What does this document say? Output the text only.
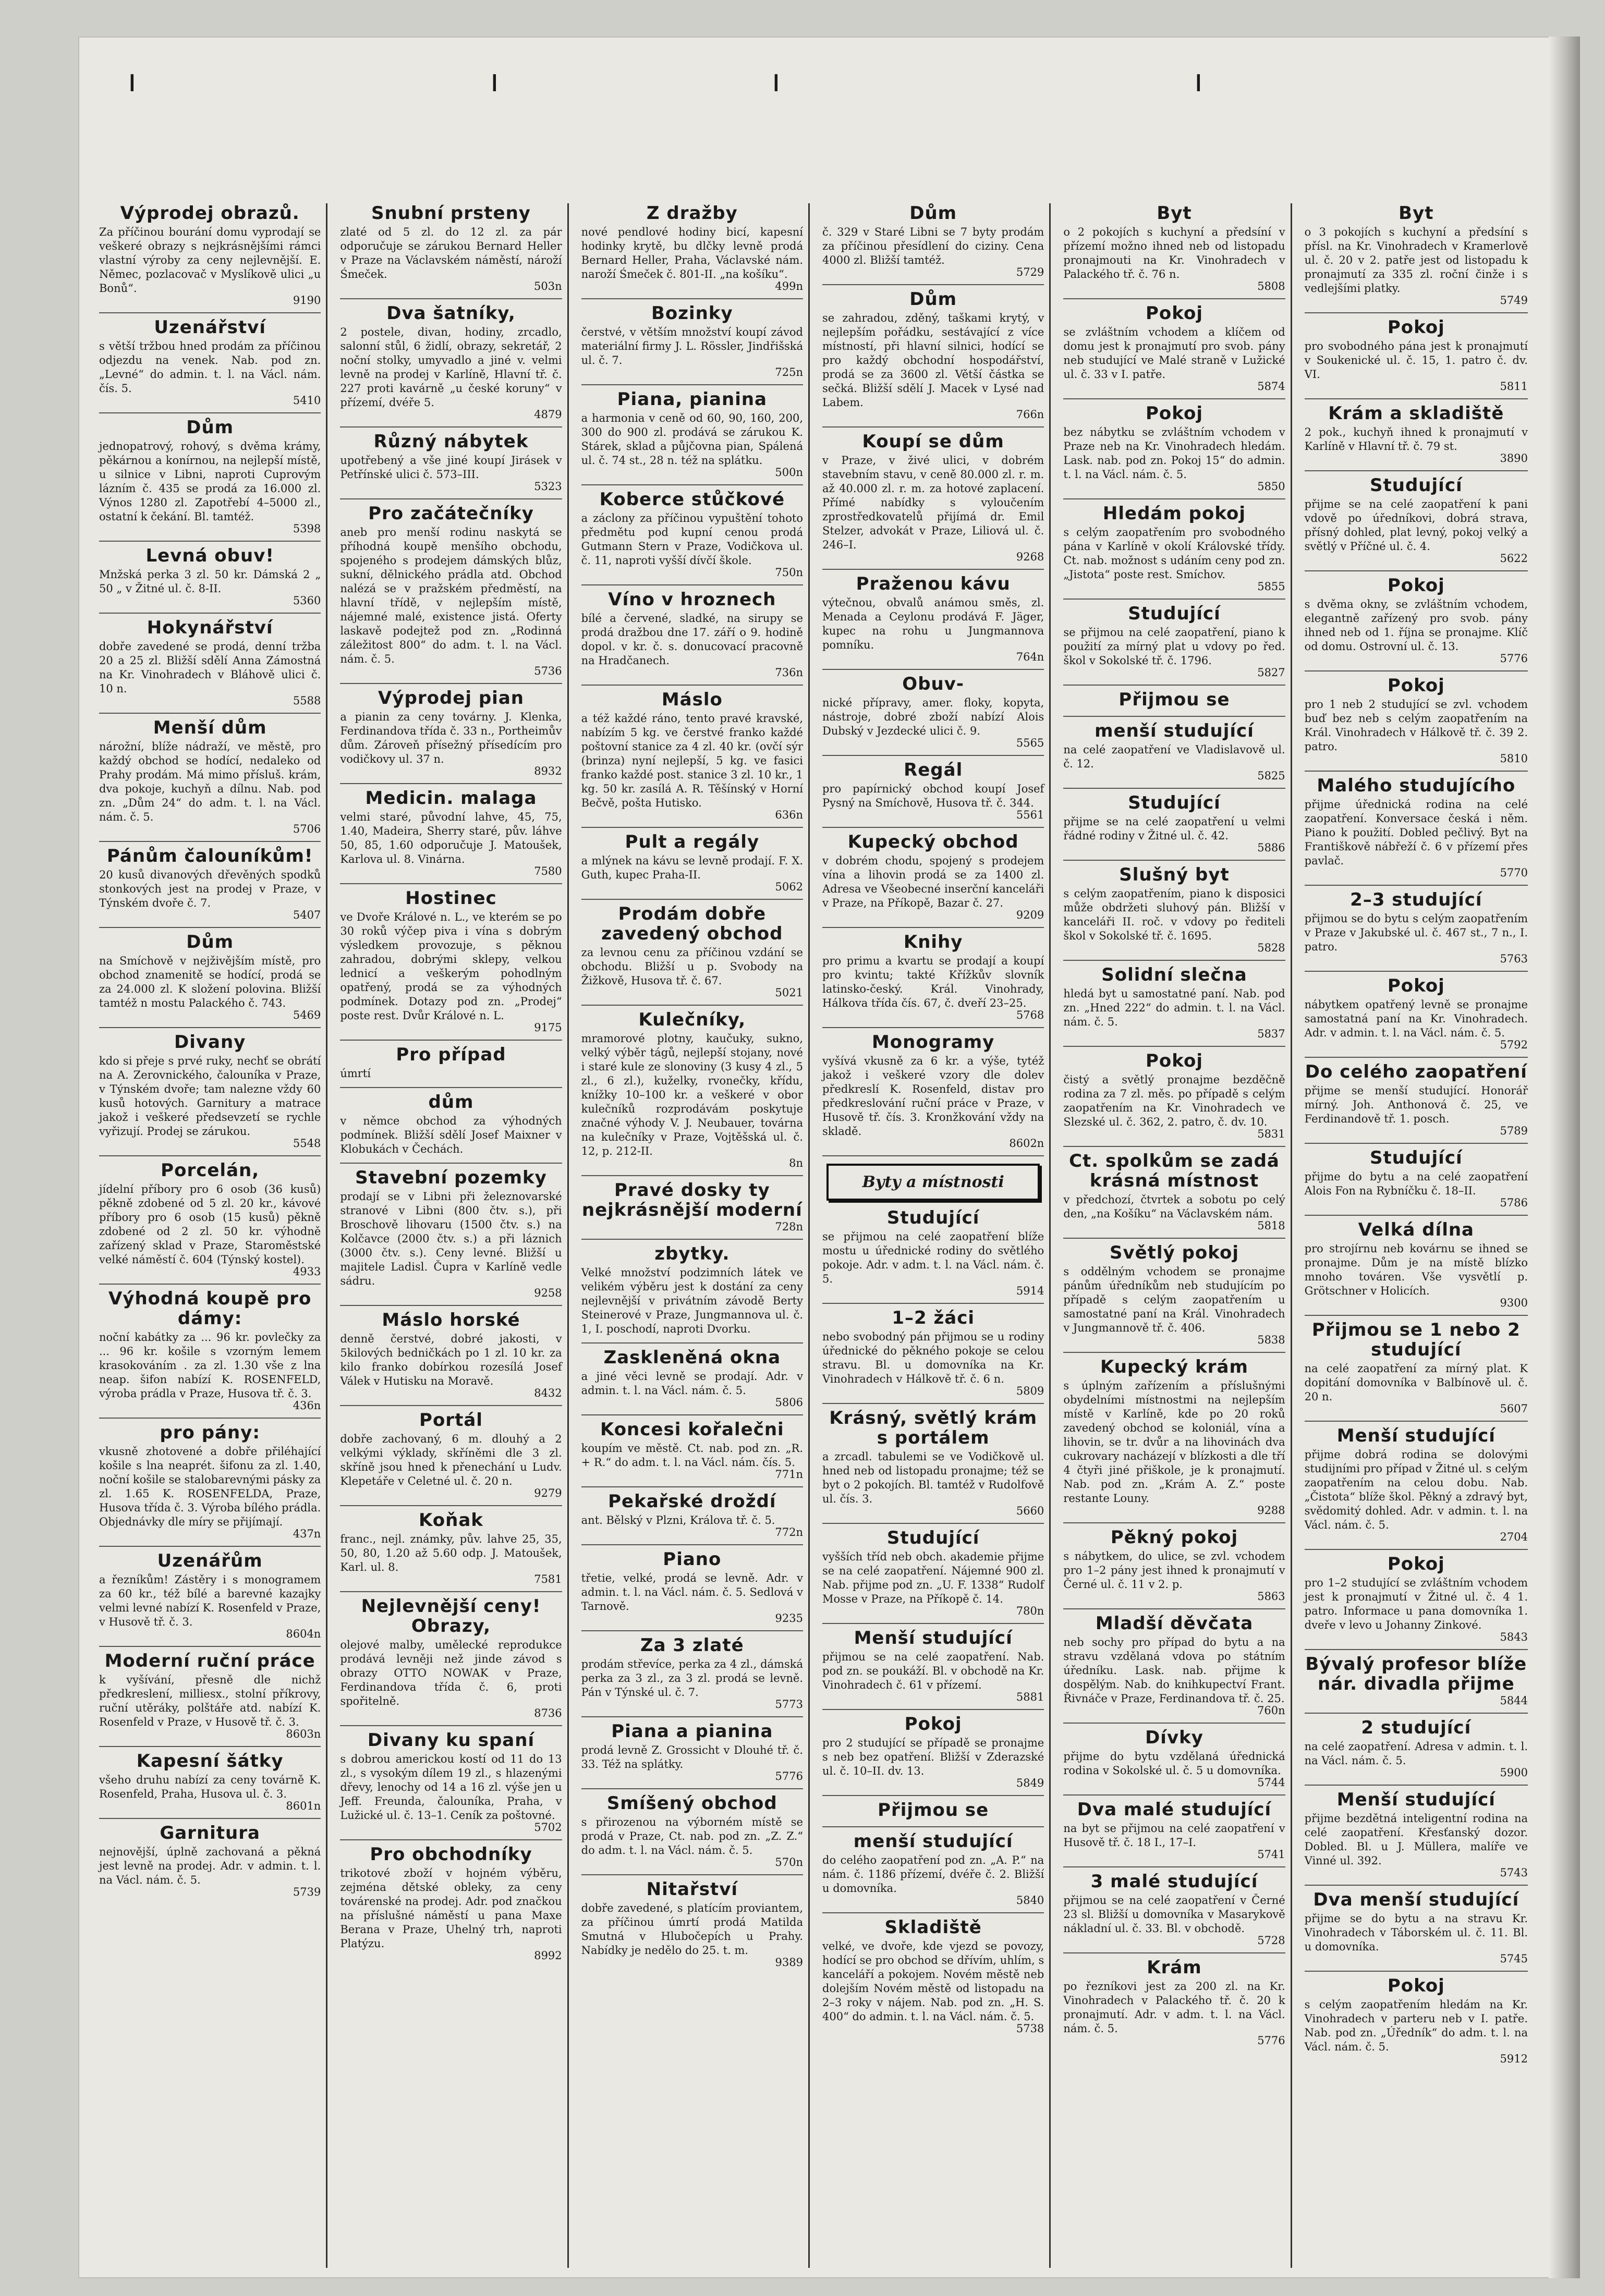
ı	ı	ı	ı
Výprodej obrazů.

Za příčinou bourání domu vyprodají se veškeré obrazy s nejkrásnějšími rámci vlastní výroby za ceny nejlevnější. E. Němec, pozlacovač v Myslíkově ulici „u Bonů“.

9190
Uzenářství

s větší tržbou hned prodám za příčinou odjezdu na venek. Nab. pod zn. „Levné“ do admin. t. l. na Václ. nám. čís. 5.

5410
Dům

jednopatrový, rohový, s dvěma krámy, pěkárnou a konírnou, na nejlepší místě, u silnice v Libni, naproti Cuprovým lázním č. 435 se prodá za 16.000 zl. Výnos 1280 zl. Zapotřebí 4–5000 zl., ostatní k čekání. Bl. tamtéž.

5398
Levná obuv!

Mnžská perka 3 zl. 50 kr. Dámská 2 „ 50 „ v Žitné ul. č. 8-II.

5360
Hokynářství

dobře zavedené se prodá, denní tržba 20 a 25 zl. Bližší sdělí Anna Zámostná na Kr. Vinohradech v Bláhově ulici č. 10 n.

5588
Menší dům

nárožní, blíže nádraží, ve městě, pro každý obchod se hodící, nedaleko od Prahy prodám. Má mimo přísluš. krám, dva pokoje, kuchyň a dílnu. Nab. pod zn. „Dům 24“ do adm. t. l. na Václ. nám. č. 5.

5706
Pánům čalouníkům!

20 kusů divanových dřevěných spodků stonkových jest na prodej v Praze, v Týnském dvoře č. 7.

5407
Dům

na Smíchově v nejživějším místě, pro obchod znamenitě se hodící, prodá se za 24.000 zl. K složení polovina. Bližší tamtéž n mostu Palackého č. 743.

5469
Divany

kdo si přeje s prvé ruky, nechť se obrátí na A. Zerovnického, čalouníka v Praze, v Týnském dvoře; tam nalezne vždy 60 kusů hotových. Garnitury a matrace jakož i veškeré předsevzetí se rychle vyřizují. Prodej se zárukou.

5548
Porcelán,

jídelní příbory pro 6 osob (36 kusů) pěkně zdobené od 5 zl. 20 kr., kávové příbory pro 6 osob (15 kusů) pěkně zdobené od 2 zl. 50 kr. výhodně zařízený sklad v Praze, Staroměstské velké náměstí č. 604 (Týnský kostel).

4933
Výhodná koupě pro dámy:

noční kabátky za ... 96 kr. povlečky za ... 96 kr. košile s vzorným lemem krasokováním . za zl. 1.30 vše z lna neap. šifon nabízí K. ROSENFELD, výroba prádla v Praze, Husova tř. č. 3.

436n
pro pány:

vkusně zhotovené a dobře přiléhající košile s lna neaprét. šifonu za zl. 1.40, noční košile se stalobarevnými pásky za zl. 1.65 K. ROSENFELDA, Praze, Husova třída č. 3. Výroba bílého prádla. Objednávky dle míry se přijímají.

437n
Uzenářům

a řezníkům! Zástěry i s monogramem za 60 kr., též bílé a barevné kazajky velmi levné nabízí K. Rosenfeld v Praze, v Husově tř. č. 3.

8604n
Moderní ruční práce

k vyšívání, přesně dle nichž předkreslení, milliesx., stolní příkrovy, ruční utěráky, polštáře atd. nabízí K. Rosenfeld v Praze, v Husově tř. č. 3.

8603n
Kapesní šátky

všeho druhu nabízí za ceny továrně K. Rosenfeld, Praha, Husova ul. č. 3.

8601n
Garnitura

nejnovější, úplně zachovaná a pěkná jest levně na prodej. Adr. v admin. t. l. na Václ. nám. č. 5.

5739
Snubní prsteny

zlaté od 5 zl. do 12 zl. za pár odporučuje se zárukou Bernard Heller v Praze na Václavském náměstí, nároží Śmeček.

503n
Dva šatníky,

2 postele, divan, hodiny, zrcadlo, salonní stůl, 6 židlí, obrazy, sekretář, 2 noční stolky, umyvadlo a jiné v. velmi levně na prodej v Karlíně, Hlavní tř. č. 227 proti kavárně „u české koruny“ v přízemí, dvéře 5.

4879
Různý nábytek

upotřebený a vše jiné koupí Jirásek v Petřínské ulici č. 573–III.

5323
Pro začátečníky

aneb pro menší rodinu naskytá se příhodná koupě menšího obchodu, spojeného s prodejem dámských blůz, sukní, dělnického prádla atd. Obchod nalézá se v pražském předměstí, na hlavní třídě, v nejlepším místě, nájemné malé, existence jistá. Oferty laskavě podejtež pod zn. „Rodinná záležitost 800“ do adm. t. l. na Václ. nám. č. 5.

5736
Výprodej pian

a pianin za ceny továrny. J. Klenka, Ferdinandova třída č. 33 n., Portheimův dům. Zároveň přísežný přísedícím pro vodičkovy ul. 37 n.

8932
Medicin. malaga

velmi staré, původní lahve, 45, 75, 1.40, Madeira, Sherry staré, pův. láhve 50, 85, 1.60 odporučuje J. Matoušek, Karlova ul. 8. Vinárna.

7580
Hostinec

ve Dvoře Králové n. L., ve kterém se po 30 roků výčep piva i vína s dobrým výsledkem provozuje, s pěknou zahradou, dobrými sklepy, velkou lednicí a veškerým pohodlným opatřený, prodá se za výhodných podmínek. Dotazy pod zn. „Prodej“ poste rest. Dvůr Králové n. L.

9175
Pro případ

úmrtí

dům

v němce obchod za výhodných podmínek. Bližší sdělí Josef Maixner v Klobukách v Čechách.

Stavební pozemky

prodají se v Libni při železnovarské stranové v Libni (800 čtv. s.), při Broschově lihovaru (1500 čtv. s.) na Kolčavce (2000 čtv. s.) a při láznich (3000 čtv. s.). Ceny levné. Bližší u majitele Ladisl. Čupra v Karlíně vedle sádru.

9258
Máslo horské

denně čerstvé, dobré jakosti, v 5kilových bedničkách po 1 zl. 10 kr. za kilo franko dobírkou rozesílá Josef Válek v Hutisku na Moravě.

8432
Portál

dobře zachovaný, 6 m. dlouhý a 2 velkými výklady, skříněmi dle 3 zl. skříně jsou hned k přenechání u Ludv. Klepetáře v Celetné ul. č. 20 n.

9279
Koňak

franc., nejl. známky, pův. lahve 25, 35, 50, 80, 1.20 až 5.60 odp. J. Matoušek, Karl. ul. 8.

7581
Nejlevnější ceny! Obrazy,

olejové malby, umělecké reprodukce prodává levněji než jinde závod s obrazy OTTO NOWAK v Praze, Ferdinandova třída č. 6, proti spořitelně.

8736
Divany ku spaní

s dobrou americkou kostí od 11 do 13 zl., s vysokým dílem 19 zl., s hlazenými dřevy, lenochy od 14 a 16 zl. výše jen u Jeff. Freunda, čalouníka, Praha, v Lužické ul. č. 13–1. Ceník za poštovné.

5702
Pro obchodníky

trikotové zboží v hojném výběru, zejména dětské obleky, za ceny továrenské na prodej. Adr. pod značkou na příslušné náměstí u pana Maxe Berana v Praze, Uhelný trh, naproti Platýzu.

8992
Z dražby

nové pendlové hodiny bicí, kapesní hodinky krytě, bu dlčky levně prodá Bernard Heller, Praha, Václavské nám. naroží Śmeček č. 801-II. „na košíku“.

499n
Bozinky

čerstvé, v větším množství koupí závod materiální firmy J. L. Rössler, Jindřišská ul. č. 7.

725n
Piana, pianina

a harmonia v ceně od 60, 90, 160, 200, 300 do 900 zl. prodává se zárukou K. Stárek, sklad a půjčovna pian, Spálená ul. č. 74 st., 28 n. též na splátku.

500n
Koberce stůčkové

a záclony za příčinou vypuštění tohoto předmětu pod kupní cenou prodá Gutmann Stern v Praze, Vodičkova ul. č. 11, naproti vyšší dívčí škole.

750n
Víno v hroznech

bílé a červené, sladké, na sirupy se prodá dražbou dne 17. září o 9. hodině dopol. v kr. č. s. donucovací pracovně na Hradčanech.

736n
Máslo

a též každé ráno, tento pravé kravské, nabízím 5 kg. ve čerstvé franko každé poštovní stanice za 4 zl. 40 kr. (ovčí sýr (brinza) nyní nejlepší, 5 kg. ve fasici franko každé post. stanice 3 zl. 10 kr., 1 kg. 50 kr. zasílá A. R. Těšínský v Horní Bečvě, pošta Hutisko.

636n
Pult a regály

a mlýnek na kávu se levně prodají. F. X. Guth, kupec Praha-II.

5062
Prodám dobře zavedený obchod

za levnou cenu za příčinou vzdání se obchodu. Bližší u p. Svobody na Žižkově, Husova tř. č. 67.

5021
Kulečníky,

mramorové plotny, kaučuky, sukno, velký výběr tágů, nejlepší stojany, nové i staré kule ze slonoviny (3 kusy 4 zl., 5 zl., 6 zl.), kuželky, rvonečky, křídu, knížky 10–100 kr. a veškeré v obor kulečníků rozprodávám poskytuje značné výhody V. J. Neubauer, továrna na kulečníky v Praze, Vojtěšská ul. č. 12, p. 212-II.

8n
Pravé dosky ty nejkrásnější moderní
728n
zbytky.

Velké množství podzimních látek ve velikém výběru jest k dostání za ceny nejlevnější v privátním závodě Berty Steinerové v Praze, Jungmannova ul. č. 1, I. poschodí, naproti Dvorku.

Zaskleněná okna

a jiné věci levně se prodají. Adr. v admin. t. l. na Václ. nám. č. 5.

5806
Koncesi kořalečni

koupím ve městě. Ct. nab. pod zn. „R. + R.“ do adm. t. l. na Václ. nám. čís. 5.

771n
Pekařské droždí

ant. Bělský v Plzni, Králova tř. č. 5.

772n
Piano

třetie, velké, prodá se levně. Adr. v admin. t. l. na Václ. nám. č. 5. Sedlová v Tarnově.

9235
Za 3 zlaté

prodám střevíce, perka za 4 zl., dámská perka za 3 zl., za 3 zl. prodá se levně. Pán v Týnské ul. č. 7.

5773
Piana a pianina

prodá levně Z. Grossicht v Dlouhé tř. č. 33. Též na splátky.

5776
Smíšený obchod

s přirozenou na výborném místě se prodá v Praze, Ct. nab. pod zn. „Z. Z.“ do adm. t. l. na Václ. nám. č. 5.

570n
Nitařství

dobře zavedené, s platícím proviantem, za příčinou úmrtí prodá Matilda Smutná v Hlubočepích u Prahy. Nabídky je nedělo do 25. t. m.

9389
Dům

č. 329 v Staré Libni se 7 byty prodám za příčinou přesídlení do ciziny. Cena 4000 zl. Bližší tamtéž.

5729
Dům

se zahradou, zděný, taškami krytý, v nejlepším pořádku, sestávající z více místností, při hlavní silnici, hodící se pro každý obchodní hospodářství, prodá se za 3600 zl. Větší částka se sečká. Bližší sdělí J. Macek v Lysé nad Labem.

766n
Koupí se dům

v Praze, v živé ulici, v dobrém stavebním stavu, v ceně 80.000 zl. r. m. až 40.000 zl. r. m. za hotové zaplacení. Přímé nabídky s vyloučením zprostředkovatelů přijímá dr. Emil Stelzer, advokát v Praze, Liliová ul. č. 246–I.

9268
Praženou kávu

výtečnou, obvalů anámou směs, zl. Menada a Ceylonu prodává F. Jäger, kupec na rohu u Jungmannova pomníku.

764n
Obuv-

nické přípravy, amer. floky, kopyta, nástroje, dobré zboží nabízí Alois Dubský v Jezdecké ulici č. 9.

5565
Regál

pro papírnický obchod koupí Josef Pysný na Smíchově, Husova tř. č. 344.

5561
Kupecký obchod

v dobrém chodu, spojený s prodejem vína a lihovin prodá se za 1400 zl. Adresa ve Všeobecné inserční kanceláři v Praze, na Příkopě, Bazar č. 27.

9209
Knihy

pro primu a kvartu se prodají a koupí pro kvintu; takté Křížkův slovník latinsko-český. Král. Vinohrady, Hálkova třída čís. 67, č. dveří 23–25.

5768
Monogramy

vyšívá vkusně za 6 kr. a výše, tytéž jakož i veškeré vzory dle dolev předkreslí K. Rosenfeld, distav pro předkreslování ruční práce v Praze, v Husově tř. čís. 3. Kronžkování vždy na skladě.

8602n
Byty a místnosti
Studující

se přijmou na celé zaopatření blíže mostu u úřednické rodiny do světlého pokoje. Adr. v adm. t. l. na Václ. nám. č. 5.

5914
1–2 žáci

nebo svobodný pán přijmou se u rodiny úřednické do pěkného pokoje se celou stravu. Bl. u domovníka na Kr. Vinohradech v Hálkově tř. č. 6 n.

5809
Krásný, světlý krám s portálem

a zrcadl. tabulemi se ve Vodičkově ul. hned neb od listopadu pronajme; též se byt o 2 pokojích. Bl. tamtéž v Rudolfově ul. čís. 3.

5660
Studující

vyšších tříd neb obch. akademie přijme se na celé zaopatření. Nájemné 900 zl. Nab. přijme pod zn. „U. F. 1338“ Rudolf Mosse v Praze, na Příkopě č. 14.

780n
Menší studující

přijmou se na celé zaopatření. Nab. pod zn. se poukáží. Bl. v obchodě na Kr. Vinohradech č. 61 v přízemí.

5881
Pokoj

pro 2 studující se případě se pronajme s neb bez opatření. Bližší v Zderazské ul. č. 10–II. dv. 13.

5849
Přijmou se
menší studující

do celého zaopatření pod zn. „A. P.“ na nám. č. 1186 přízemí, dvéře č. 2. Bližší u domovníka.

5840
Skladiště

velké, ve dvoře, kde vjezd se povozy, hodící se pro obchod se dřívím, uhlím, s kanceláří a pokojem. Novém městě neb dolejším Novém městě od listopadu na 2–3 roky v nájem. Nab. pod zn. „H. S. 400“ do admin. t. l. na Václ. nám. č. 5.

5738
Byt

o 2 pokojích s kuchyní a předsíní v přízemí možno ihned neb od listopadu pronajmouti na Kr. Vinohradech v Palackého tř. č. 76 n.

5808
Pokoj

se zvláštním vchodem a klíčem od domu jest k pronajmutí pro svob. pány neb studující ve Malé straně v Lužické ul. č. 33 v I. patře.

5874
Pokoj

bez nábytku se zvláštním vchodem v Praze neb na Kr. Vinohradech hledám. Lask. nab. pod zn. Pokoj 15“ do admin. t. l. na Václ. nám. č. 5.

5850
Hledám pokoj

s celým zaopatřením pro svobodného pána v Karlíně v okolí Královské třídy. Ct. nab. možnost s udáním ceny pod zn. „Jistota“ poste rest. Smíchov.

5855
Studující

se přijmou na celé zaopatření, piano k použití za mírný plat u vdovy po řed. škol v Sokolské tř. č. 1796.

5827
Přijmou se
menší studující

na celé zaopatření ve Vladislavově ul. č. 12.

5825
Studující

přijme se na celé zaopatření u velmi řádné rodiny v Žitné ul. č. 42.

5886
Slušný byt

s celým zaopatřením, piano k disposici může obdržeti sluhový pán. Bližší v kanceláři II. roč. v vdovy po řediteli škol v Sokolské tř. č. 1695.

5828
Solidní slečna

hledá byt u samostatné paní. Nab. pod zn. „Hned 222“ do admin. t. l. na Václ. nám. č. 5.

5837
Pokoj

čistý a světlý pronajme bezděčně rodina za 7 zl. měs. po případě s celým zaopatřením na Kr. Vinohradech ve Slezské ul. č. 362, 2. patro, č. dv. 10.

5831
Ct. spolkům se zadá krásná místnost

v předchozí, čtvrtek a sobotu po celý den, „na Košíku“ na Václavském nám.

5818
Světlý pokoj

s oddělným vchodem se pronajme pánům úředníkům neb studujícím po případě s celým zaopatřením u samostatné paní na Král. Vinohradech v Jungmannově tř. č. 406.

5838
Kupecký krám

s úplným zařízením a příslušnými obydelními místnostmi na nejlepším místě v Karlíně, kde po 20 roků zavedený obchod se koloniál, vína a lihovin, se tr. dvůr a na lihovinách dva cukrovary nacházejí v blízkosti a dle tří 4 čtyři jiné přiškole, je k pronajmutí. Nab. pod zn. „Krám A. Z.“ poste restante Louny.

9288
Pěkný pokoj

s nábytkem, do ulice, se zvl. vchodem pro 1–2 pány jest ihned k pronajmutí v Černé ul. č. 11 v 2. p.

5863
Mladší děvčata

neb sochy pro případ do bytu a na stravu vzdělaná vdova po státním úředníku. Lask. nab. přijme k dospělým. Nab. do knihkupectví Frant. Řivnáče v Praze, Ferdinandova tř. č. 25.

760n
Dívky

přijme do bytu vzdělaná úřednická rodina v Sokolské ul. č. 5 u domovníka.

5744
Dva malé studující

na byt se přijmou na celé zaopatření v Husově tř. č. 18 I., 17–I.

5741
3 malé studující

přijmou se na celé zaopatření v Černé 23 sl. Bližší u domovníka v Masarykově nákladní ul. č. 33. Bl. v obchodě.

5728
Krám

po řezníkovi jest za 200 zl. na Kr. Vinohradech v Palackého tř. č. 20 k pronajmutí. Adr. v adm. t. l. na Václ. nám. č. 5.

5776
Byt

o 3 pokojích s kuchyní a předsíní s přísl. na Kr. Vinohradech v Kramerlově ul. č. 20 v 2. patře jest od listopadu k pronajmutí za 335 zl. roční činže i s vedlejšími platky.

5749
Pokoj

pro svobodného pána jest k pronajmutí v Soukenické ul. č. 15, 1. patro č. dv. VI.

5811
Krám a skladiště

2 pok., kuchyň ihned k pronajmutí v Karlíně v Hlavní tř. č. 79 st.

3890
Studující

přijme se na celé zaopatření k pani vdově po úředníkovi, dobrá strava, přísný dohled, plat levný, pokoj velký a světlý v Příčné ul. č. 4.

5622
Pokoj

s dvěma okny, se zvláštním vchodem, elegantně zařízený pro svob. pány ihned neb od 1. října se pronajme. Klíč od domu. Ostrovní ul. č. 13.

5776
Pokoj

pro 1 neb 2 studující se zvl. vchodem buď bez neb s celým zaopatřením na Král. Vinohradech v Hálkově tř. č. 39 2. patro.

5810
Malého studujícího

přijme úřednická rodina na celé zaopatření. Konversace česká i něm. Piano k použití. Dobled pečlivý. Byt na Františkově nábřeží č. 6 v přízemí přes pavlač.

5770
2–3 studující

přijmou se do bytu s celým zaopatřením v Praze v Jakubské ul. č. 467 st., 7 n., I. patro.

5763
Pokoj

nábytkem opatřený levně se pronajme samostatná paní na Kr. Vinohradech. Adr. v admin. t. l. na Václ. nám. č. 5.

5792
Do celého zaopatření

přijme se menší studující. Honorář mírný. Joh. Anthonová č. 25, ve Ferdinandově tř. 1. posch.

5789
Studující

přijme do bytu a na celé zaopatření Alois Fon na Rybníčku č. 18–II.

5786
Velká dílna

pro strojírnu neb kovárnu se ihned se pronajme. Dům je na místě blízko mnoho továren. Vše vysvětlí p. Grötschner v Holicích.

9300
Přijmou se 1 nebo 2 studující

na celé zaopatření za mírný plat. K dopitání domovníka v Balbínově ul. č. 20 n.

5607
Menší studující

přijme dobrá rodina se dolovými studijními pro případ v Žitné ul. s celým zaopatřením na celou dobu. Nab. „Čistota“ blíže škol. Pěkný a zdravý byt, svědomitý dohled. Adr. v admin. t. l. na Václ. nám. č. 5.

2704
Pokoj

pro 1–2 studující se zvláštním vchodem jest k pronajmutí v Žitné ul. č. 4 1. patro. Informace u pana domovníka 1. dveře v levo u Johanny Zinkové.

5843
Bývalý profesor blíže nár. divadla přijme
5844
2 studující

na celé zaopatření. Adresa v admin. t. l. na Václ. nám. č. 5.

5900
Menší studující

přijme bezdětná inteligentní rodina na celé zaopatření. Křesťanský dozor. Dobled. Bl. u J. Müllera, malíře ve Vinné ul. 392.

5743
Dva menší studující

přijme se do bytu a na stravu Kr. Vinohradech v Táborském ul. č. 11. Bl. u domovníka.

5745
Pokoj

s celým zaopatřením hledám na Kr. Vinohradech v parteru neb v I. patře. Nab. pod zn. „Úředník“ do adm. t. l. na Václ. nám. č. 5.

5912
